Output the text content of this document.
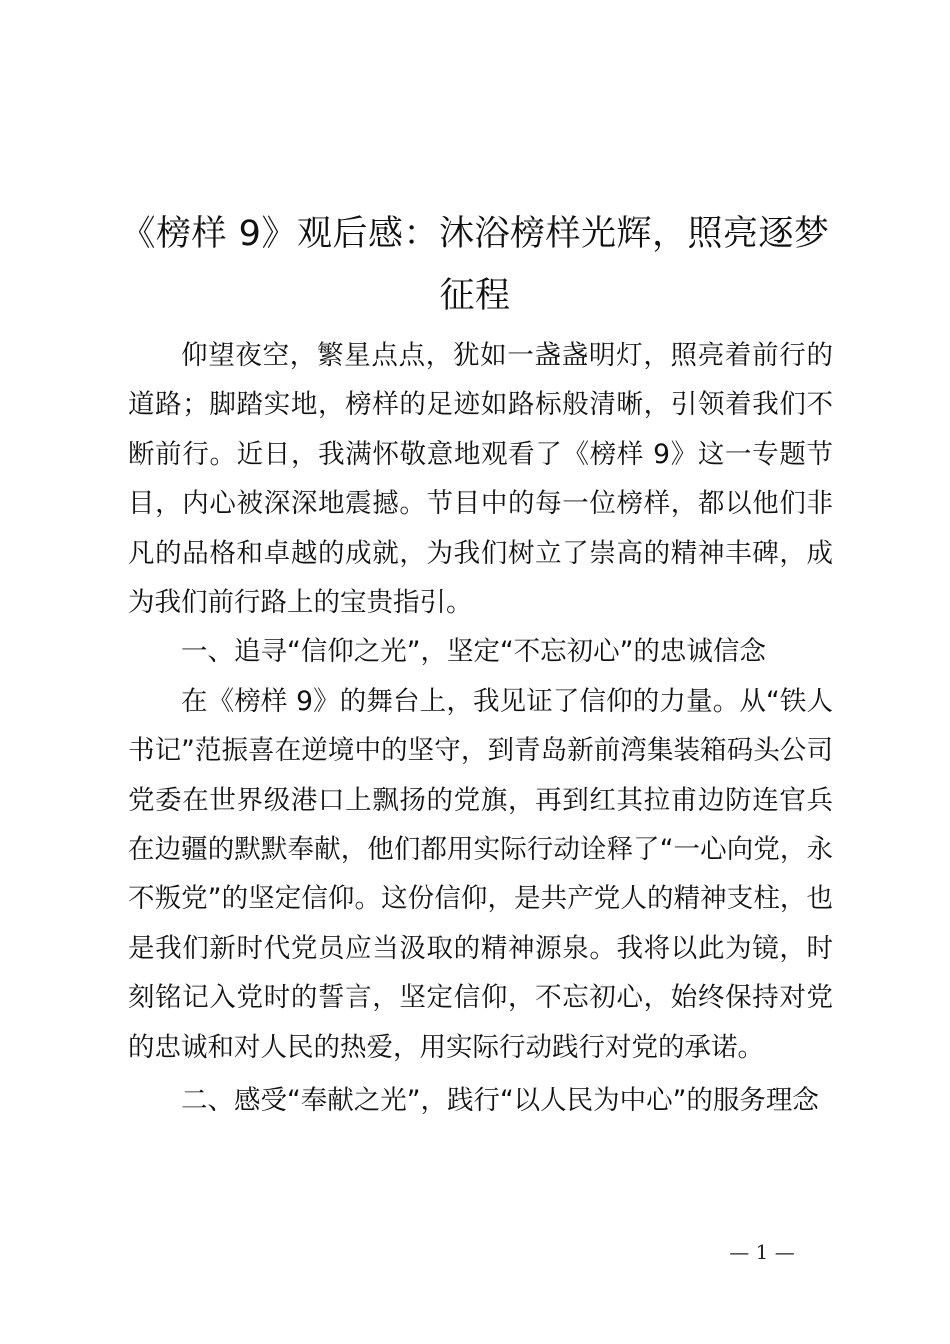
《榜样 9》观后感：沐浴榜样光辉，照亮逐梦征程

仰望夜空，繁星点点，犹如一盏盏明灯，照亮着前行的道路；脚踏实地，榜样的足迹如路标般清晰，引领着我们不断前行。近日，我满怀敬意地观看了《榜样 9》这一专题节目，内心被深深地震撼。节目中的每一位榜样，都以他们非凡的品格和卓越的成就，为我们树立了崇高的精神丰碑，成为我们前行路上的宝贵指引。

一、追寻“信仰之光”，坚定“不忘初心”的忠诚信念

在《榜样 9》的舞台上，我见证了信仰的力量。从“铁人书记”范振喜在逆境中的坚守，到青岛新前湾集装箱码头公司党委在世界级港口上飘扬的党旗，再到红其拉甫边防连官兵在边疆的默默奉献，他们都用实际行动诠释了“一心向党，永不叛党”的坚定信仰。这份信仰，是共产党人的精神支柱，也是我们新时代党员应当汲取的精神源泉。我将以此为镜，时刻铭记入党时的誓言，坚定信仰，不忘初心，始终保持对党的忠诚和对人民的热爱，用实际行动践行对党的承诺。

二、感受“奉献之光”，践行“以人民为中心”的服务理念

— 1 —
